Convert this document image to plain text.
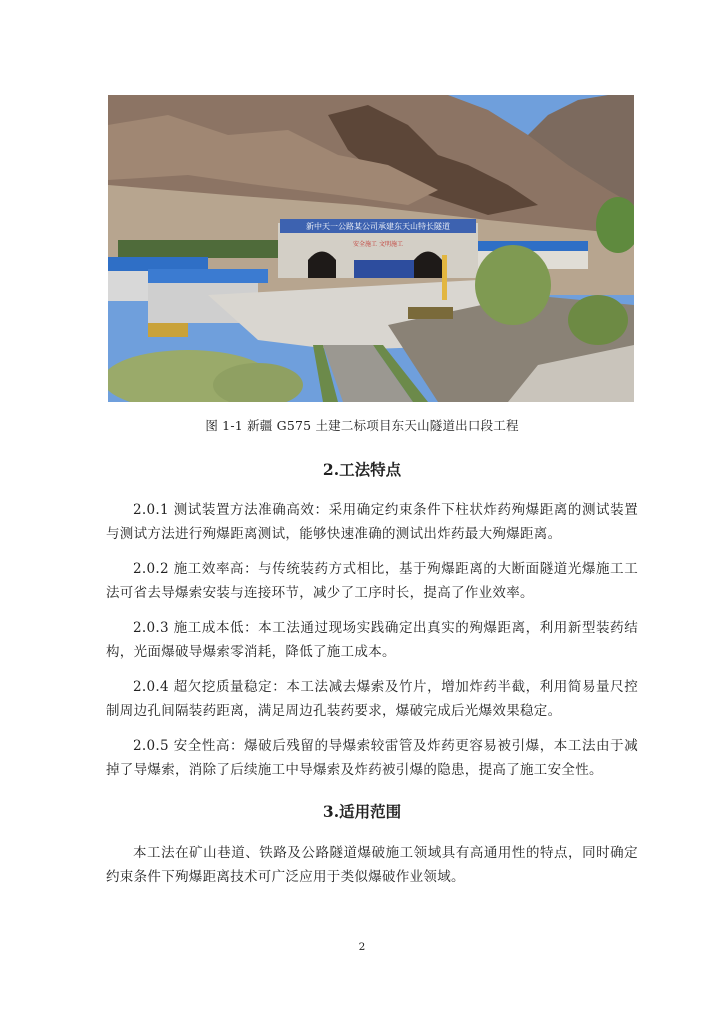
新中天一公路某公司承建东天山特长隧道
安全施工 文明施工
图 1-1 新疆 G575 土建二标项目东天山隧道出口段工程
2.工法特点
2.0.1 测试装置方法准确高效：采用确定约束条件下柱状炸药殉爆距离的测试装置与测试方法进行殉爆距离测试，能够快速准确的测试出炸药最大殉爆距离。
2.0.2 施工效率高：与传统装药方式相比，基于殉爆距离的大断面隧道光爆施工工法可省去导爆索安装与连接环节，减少了工序时长，提高了作业效率。
2.0.3 施工成本低：本工法通过现场实践确定出真实的殉爆距离，利用新型装药结构，光面爆破导爆索零消耗，降低了施工成本。
2.0.4 超欠挖质量稳定：本工法减去爆索及竹片，增加炸药半截，利用简易量尺控制周边孔间隔装药距离，满足周边孔装药要求，爆破完成后光爆效果稳定。
2.0.5 安全性高：爆破后残留的导爆索较雷管及炸药更容易被引爆，本工法由于减掉了导爆索，消除了后续施工中导爆索及炸药被引爆的隐患，提高了施工安全性。
3.适用范围
本工法在矿山巷道、铁路及公路隧道爆破施工领域具有高通用性的特点，同时确定约束条件下殉爆距离技术可广泛应用于类似爆破作业领域。
2
